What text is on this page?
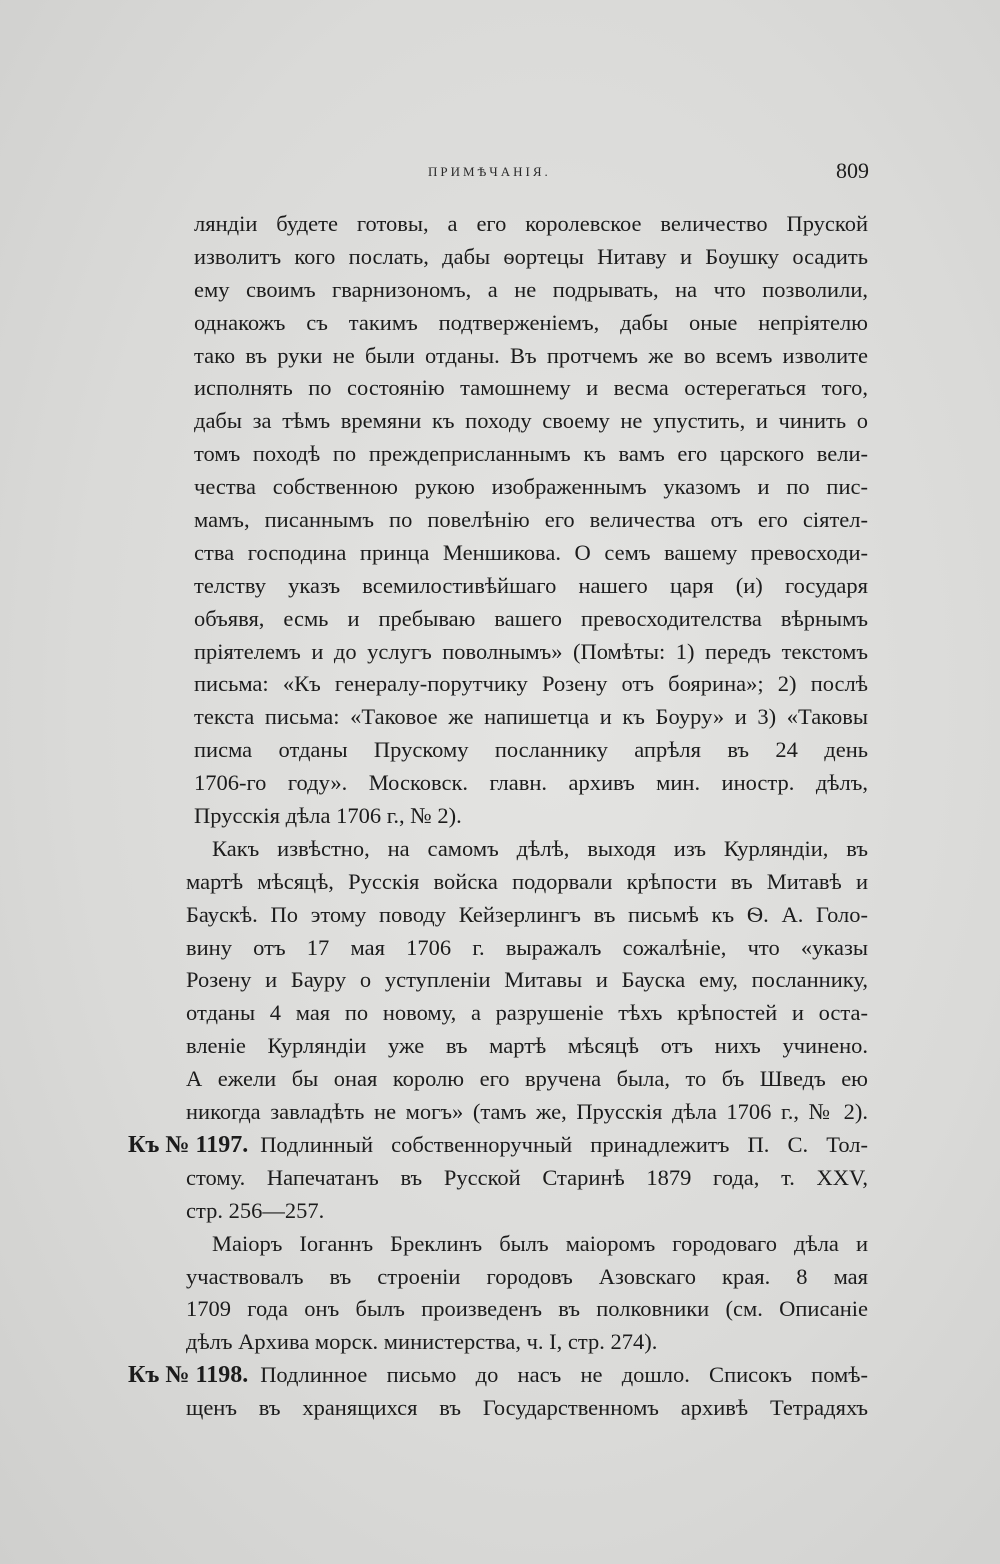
ПРИМѢЧАНІЯ.	809
ляндіи будете готовы, а его королевское величество Пруской
изволитъ кого послать, дабы ѳортецы Нитаву и Боушку осадить
ему своимъ гварнизономъ, а не подрывать, на что позволили,
однакожъ съ такимъ подтверженіемъ, дабы оные непріятелю
тако въ руки не были отданы. Въ протчемъ же во всемъ изволите
исполнять по состоянію тамошнему и весма остерегаться того,
дабы за тѣмъ времяни къ походу своему не упустить, и чинить о
томъ походѣ по преждеприсланнымъ къ вамъ его царского вели-
чества собственною рукою изображеннымъ указомъ и по пис-
мамъ, писаннымъ по повелѣнію его величества отъ его сіятел-
ства господина принца Меншикова. О семъ вашему превосходи-
телству указъ всемилостивѣйшаго нашего царя (и) государя
объявя, есмь и пребываю вашего превосходителства вѣрнымъ
пріятелемъ и до услугъ поволнымъ» (Помѣты: 1) передъ текстомъ
письма: «Къ генералу-порутчику Розену отъ боярина»; 2) послѣ
текста письма: «Таковое же напишетца и къ Боуру» и 3) «Таковы
писма отданы Прускому посланнику апрѣля въ 24 день
1706-го году». Московск. главн. архивъ мин. иностр. дѣлъ,
Прусскія дѣла 1706 г., № 2).
Какъ извѣстно, на самомъ дѣлѣ, выходя изъ Курляндіи, въ
мартѣ мѣсяцѣ, Русскія войска подорвали крѣпости въ Митавѣ и
Баускѣ. По этому поводу Кейзерлингъ въ письмѣ къ Ѳ. А. Голо-
вину отъ 17 мая 1706 г. выражалъ сожалѣніе, что «указы
Розену и Бауру о уступленіи Митавы и Бауска ему, посланнику,
отданы 4 мая по новому, а разрушеніе тѣхъ крѣпостей и оста-
вленіе Курляндіи уже въ мартѣ мѣсяцѣ отъ нихъ учинено.
А ежели бы оная королю его вручена была, то бъ Шведъ ею
никогда завладѣть не могъ» (тамъ же, Прусскія дѣла 1706 г., № 2).
Къ № 1197. Подлинный собственноручный принадлежитъ П. С. Тол-
стому. Напечатанъ въ Русской Старинѣ 1879 года, т. XXV,
стр. 256—257.
Маіоръ Іоганнъ Бреклинъ былъ маіоромъ городоваго дѣла и
участвовалъ въ строеніи городовъ Азовскаго края. 8 мая
1709 года онъ былъ произведенъ въ полковники (см. Описаніе
дѣлъ Архива морск. министерства, ч. I, стр. 274).
Къ № 1198. Подлинное письмо до насъ не дошло. Списокъ помѣ-
щенъ въ хранящихся въ Государственномъ архивѣ Тетрадяхъ
